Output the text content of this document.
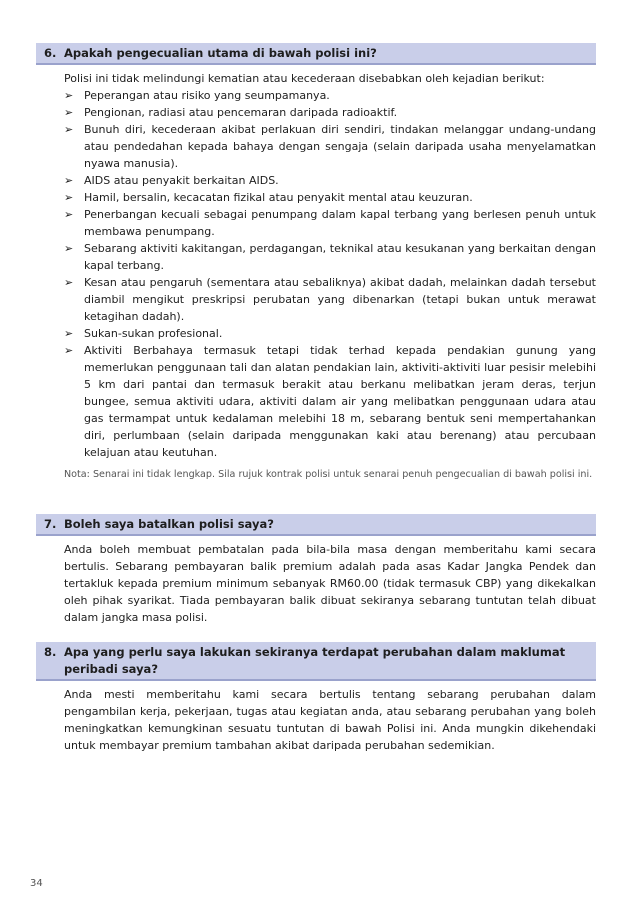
6. Apakah pengecualian utama di bawah polisi ini?

Polisi ini tidak melindungi kematian atau kecederaan disebabkan oleh kejadian berikut:

➢ Peperangan atau risiko yang seumpamanya.
➢ Pengionan, radiasi atau pencemaran daripada radioaktif.
➢ Bunuh diri, kecederaan akibat perlakuan diri sendiri, tindakan melanggar undang-undang atau pendedahan kepada bahaya dengan sengaja (selain daripada usaha menyelamatkan nyawa manusia).
➢ AIDS atau penyakit berkaitan AIDS.
➢ Hamil, bersalin, kecacatan fizikal atau penyakit mental atau keuzuran.
➢ Penerbangan kecuali sebagai penumpang dalam kapal terbang yang berlesen penuh untuk membawa penumpang.
➢ Sebarang aktiviti kakitangan, perdagangan, teknikal atau kesukanan yang berkaitan dengan kapal terbang.
➢ Kesan atau pengaruh (sementara atau sebaliknya) akibat dadah, melainkan dadah tersebut diambil mengikut preskripsi perubatan yang dibenarkan (tetapi bukan untuk merawat ketagihan dadah).
➢ Sukan-sukan profesional.
➢ Aktiviti Berbahaya termasuk tetapi tidak terhad kepada pendakian gunung yang memerlukan penggunaan tali dan alatan pendakian lain, aktiviti-aktiviti luar pesisir melebihi 5 km dari pantai dan termasuk berakit atau berkanu melibatkan jeram deras, terjun bungee, semua aktiviti udara, aktiviti dalam air yang melibatkan penggunaan udara atau gas termampat untuk kedalaman melebihi 18 m, sebarang bentuk seni mempertahankan diri, perlumbaan (selain daripada menggunakan kaki atau berenang) atau percubaan kelajuan atau keutuhan.
Nota: Senarai ini tidak lengkap. Sila rujuk kontrak polisi untuk senarai penuh pengecualian di bawah polisi ini.
7. Boleh saya batalkan polisi saya?
Anda boleh membuat pembatalan pada bila-bila masa dengan memberitahu kami secara bertulis. Sebarang pembayaran balik premium adalah pada asas Kadar Jangka Pendek dan tertakluk kepada premium minimum sebanyak RM60.00 (tidak termasuk CBP) yang dikekalkan oleh pihak syarikat. Tiada pembayaran balik dibuat sekiranya sebarang tuntutan telah dibuat dalam jangka masa polisi.
8. Apa yang perlu saya lakukan sekiranya terdapat perubahan dalam maklumat peribadi saya?
Anda mesti memberitahu kami secara bertulis tentang sebarang perubahan dalam pengambilan kerja, pekerjaan, tugas atau kegiatan anda, atau sebarang perubahan yang boleh meningkatkan kemungkinan sesuatu tuntutan di bawah Polisi ini. Anda mungkin dikehendaki untuk membayar premium tambahan akibat daripada perubahan sedemikian.
34
